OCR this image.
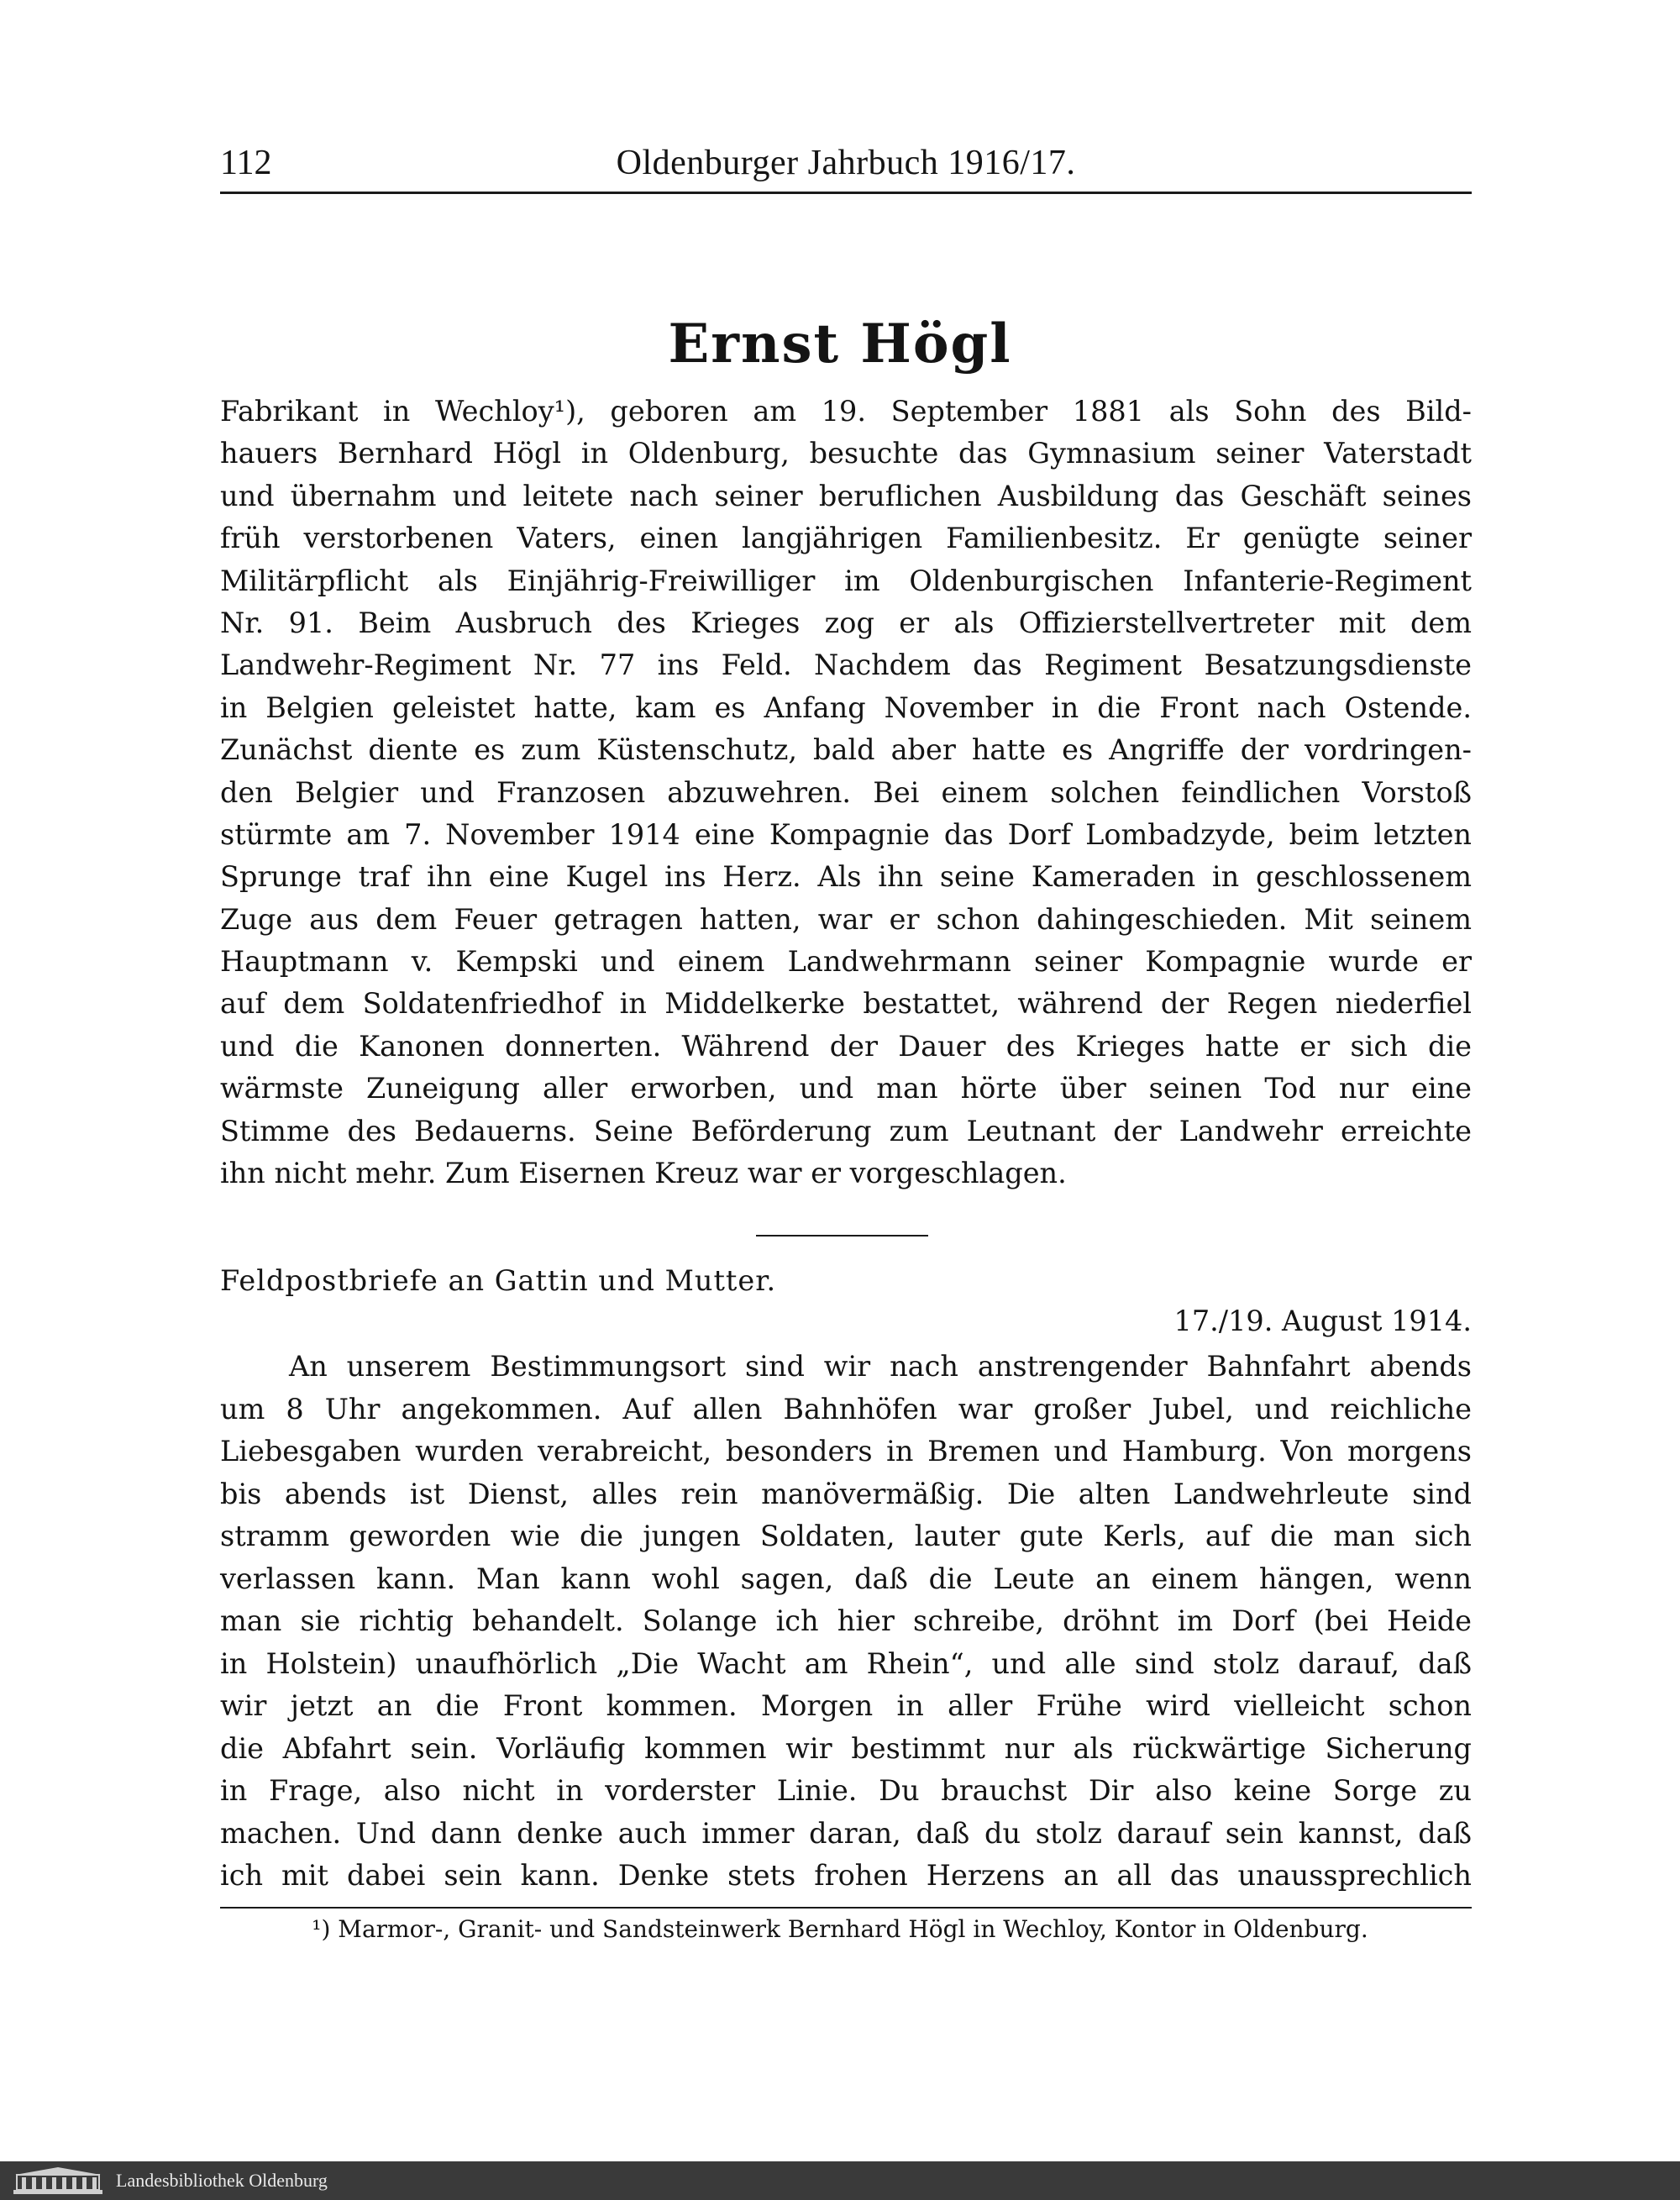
112	Oldenburger Jahrbuch 1916/17.
Ernst Högl
Fabrikant in Wechloy¹), geboren am 19. September 1881 als Sohn des Bild-
hauers Bernhard Högl in Oldenburg, besuchte das Gymnasium seiner Vaterstadt
und übernahm und leitete nach seiner beruflichen Ausbildung das Geschäft seines
früh verstorbenen Vaters, einen langjährigen Familienbesitz. Er genügte seiner
Militärpflicht als Einjährig-Freiwilliger im Oldenburgischen Infanterie-Regiment
Nr. 91. Beim Ausbruch des Krieges zog er als Offizierstellvertreter mit dem
Landwehr-Regiment Nr. 77 ins Feld. Nachdem das Regiment Besatzungsdienste
in Belgien geleistet hatte, kam es Anfang November in die Front nach Ostende.
Zunächst diente es zum Küstenschutz, bald aber hatte es Angriffe der vordringen-
den Belgier und Franzosen abzuwehren. Bei einem solchen feindlichen Vorstoß
stürmte am 7. November 1914 eine Kompagnie das Dorf Lombadzyde, beim letzten
Sprunge traf ihn eine Kugel ins Herz. Als ihn seine Kameraden in geschlossenem
Zuge aus dem Feuer getragen hatten, war er schon dahingeschieden. Mit seinem
Hauptmann v. Kempski und einem Landwehrmann seiner Kompagnie wurde er
auf dem Soldatenfriedhof in Middelkerke bestattet, während der Regen niederfiel
und die Kanonen donnerten. Während der Dauer des Krieges hatte er sich die
wärmste Zuneigung aller erworben, und man hörte über seinen Tod nur eine
Stimme des Bedauerns. Seine Beförderung zum Leutnant der Landwehr erreichte
ihn nicht mehr. Zum Eisernen Kreuz war er vorgeschlagen.
Feldpostbriefe an Gattin und Mutter.
17./19. August 1914.
An unserem Bestimmungsort sind wir nach anstrengender Bahnfahrt abends
um 8 Uhr angekommen. Auf allen Bahnhöfen war großer Jubel, und reichliche
Liebesgaben wurden verabreicht, besonders in Bremen und Hamburg. Von morgens
bis abends ist Dienst, alles rein manövermäßig. Die alten Landwehrleute sind
stramm geworden wie die jungen Soldaten, lauter gute Kerls, auf die man sich
verlassen kann. Man kann wohl sagen, daß die Leute an einem hängen, wenn
man sie richtig behandelt. Solange ich hier schreibe, dröhnt im Dorf (bei Heide
in Holstein) unaufhörlich „Die Wacht am Rhein“, und alle sind stolz darauf, daß
wir jetzt an die Front kommen. Morgen in aller Frühe wird vielleicht schon
die Abfahrt sein. Vorläufig kommen wir bestimmt nur als rückwärtige Sicherung
in Frage, also nicht in vorderster Linie. Du brauchst Dir also keine Sorge zu
machen. Und dann denke auch immer daran, daß du stolz darauf sein kannst, daß
ich mit dabei sein kann. Denke stets frohen Herzens an all das unaussprechlich
¹) Marmor-, Granit- und Sandsteinwerk Bernhard Högl in Wechloy, Kontor in Oldenburg.
Landesbibliothek Oldenburg
